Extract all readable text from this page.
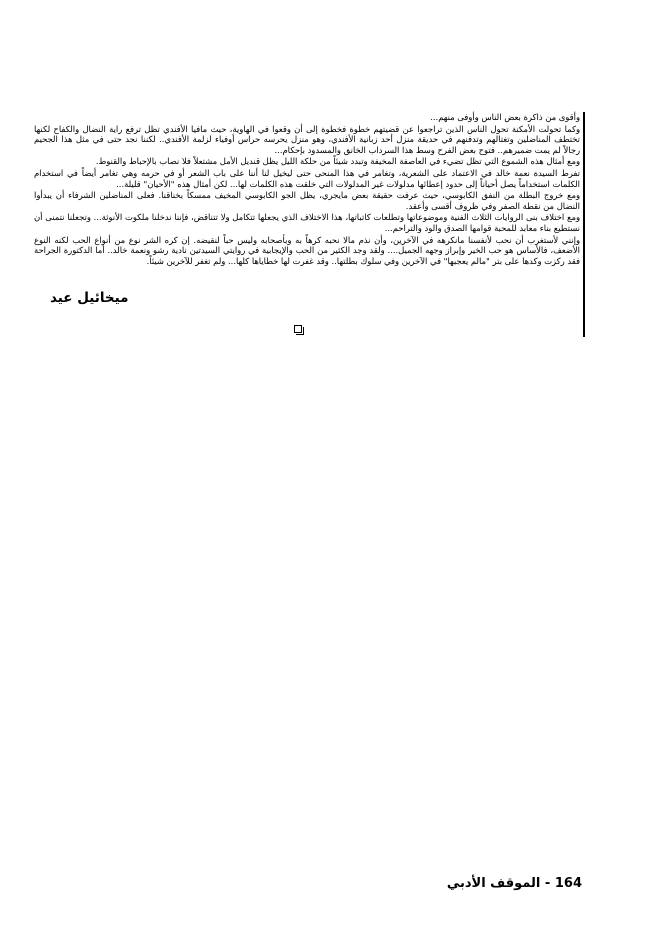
وأقوى من ذاكرة بعض الناس وأوفى منهم...

وكما تحولت الأمكنة تحول الناس الذين تراجعوا عن قضيتهم خطوة فخطوة إلى أن وقعوا في الهاوية، حيث مافيا الأفندي تظل ترفع راية النضال والكفاح لكنها تختطف المناضلين وتغتالهم وتدفنهم في حديقة منزل أحد زبانية الأفندي، وهو منزل يحرسه حراس أوفياء لزلمة الأفندي.. لكننا نجد حتى في مثل هذا الجحيم رجالاً لم يمت ضميرهم.. فتوح بعض الفرح وسط هذا السرداب الخانق والمسدود بإحكام...

ومع أمثال هذه الشموع التي تظل تضيء في العاصفة المخيفة وتبدد شيئاً من حلكة الليل يظل قنديل الأمل مشتعلاً فلا نصاب بالإحباط والقنوط.

تفرط السيدة نعمة خالد في الاعتماد على الشعرية، وتغامر في هذا المنحى حتى ليخيل لنا أننا على باب الشعر أو في حرمه وهي تغامر أيضاً في استخدام الكلمات استخداماً يصل أحياناً إلى حدود إعطائها مدلولات غير المدلولات التي خلقت هذه الكلمات لها... لكن أمثال هذه "الأحيان" قليلة...

ومع خروج البطلة من النفق الكابوسي، حيث عرفت حقيقة بعض مايجري، يظل الجو الكابوسي المخيف ممسكاً بخناقنا. فعلى المناضلين الشرفاء أن يبدأوا النضال من نقطة الصفر وفي ظروف أقسى وأعقد.

ومع اختلاف بنى الروايات الثلاث الفنية وموضوعاتها وتطلعات كاتباتها، هذا الاختلاف الذي يجعلها تتكامل ولا تتناقض، فإننا ندخلنا ملكوت الأنوثة... وتجعلنا نتمنى أن نستطيع بناء معابد للمحبة قوامها الصدق والود والتراحم...

وإنني لأستغرب أن نحب لأنفسنا مانكرهه في الآخرين، وأن نذم مالا نحبه كرهاً به وبأصحابه وليس حباً لنقيضه. إن كره الشر نوع من أنواع الحب لكنه النوع الأضعف، فالأساس هو حب الخير وإبراز وجهه الجميل.... ولقد وجد الكثير من الحب والإيجابية في روايتي السيدتين نادية رشو ونعمة خالد.. أما الدكتورة الجراحة فقد ركزت وكدها على بتر "مالم يعجبها" في الآخرين وفي سلوك بطلتها.. وقد غفرت لها خطاياها كلها... ولم تغفر للآخرين شيئاً.

ميخائيل عيد
164 - الموقف الأدبي
